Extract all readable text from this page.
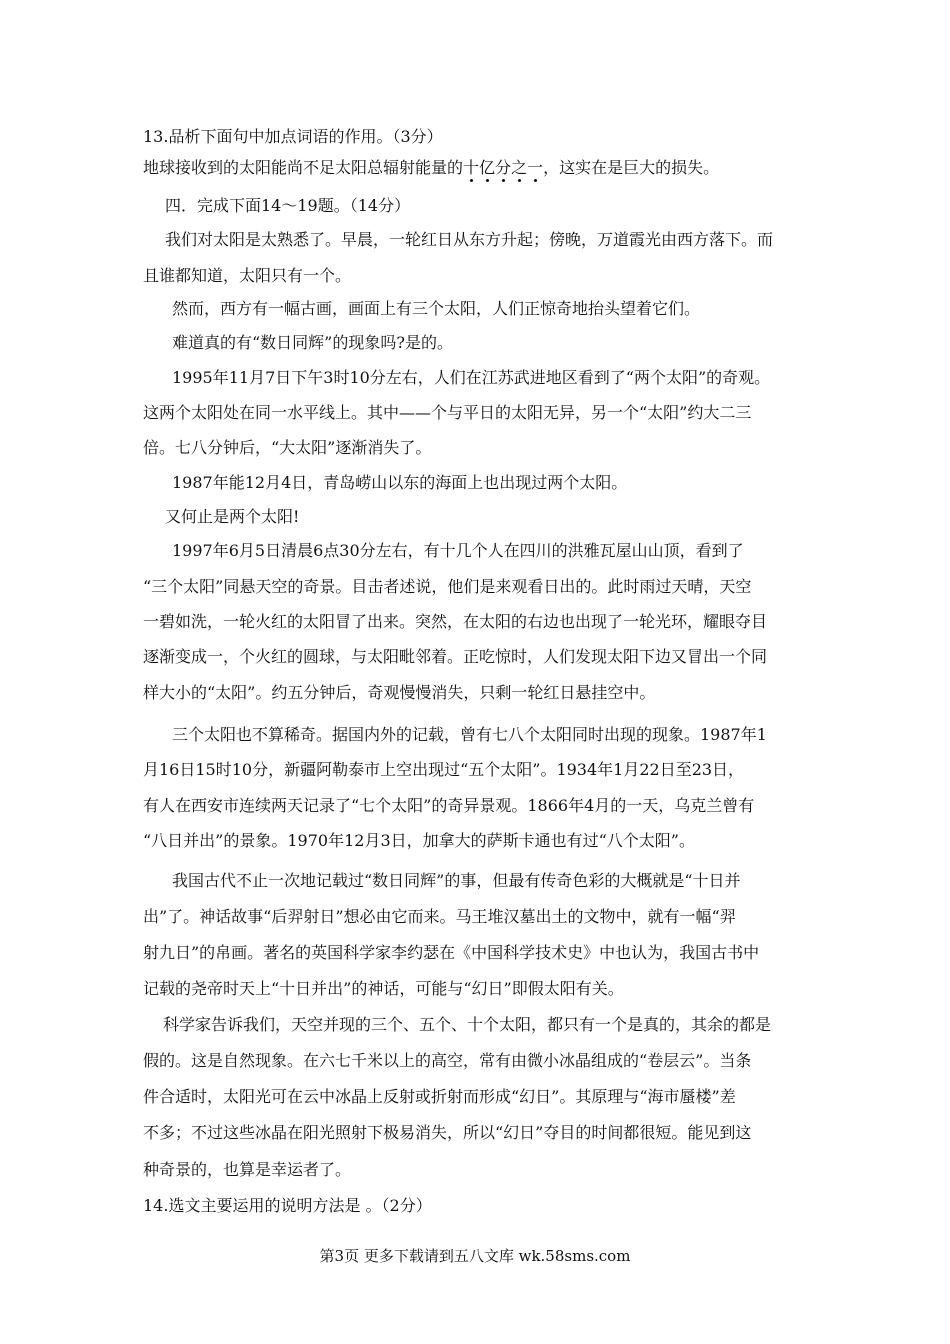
13.品析下面句中加点词语的作用。（3分）
地球接收到的太阳能尚不足太阳总辐射能量的十亿分之一，这实在是巨大的损失。
四．完成下面14～19题。（14分）
我们对太阳是太熟悉了。早晨，一轮红日从东方升起；傍晚，万道霞光由西方落下。而
且谁都知道，太阳只有一个。
然而，西方有一幅古画，画面上有三个太阳，人们正惊奇地抬头望着它们。
难道真的有“数日同辉”的现象吗?是的。
1995年11月7日下午3时10分左右，人们在江苏武进地区看到了“两个太阳”的奇观。
这两个太阳处在同一水平线上。其中——个与平日的太阳无异，另一个“太阳”约大二三
倍。七八分钟后，“大太阳”逐渐消失了。
1987年能12月4日，青岛崂山以东的海面上也出现过两个太阳。
又何止是两个太阳!
1997年6月5日清晨6点30分左右，有十几个人在四川的洪雅瓦屋山山顶，看到了
“三个太阳”同悬天空的奇景。目击者述说，他们是来观看日出的。此时雨过天晴，天空
一碧如洗，一轮火红的太阳冒了出来。突然，在太阳的右边也出现了一轮光环，耀眼夺目
逐渐变成一，个火红的圆球，与太阳毗邻着。正吃惊时，人们发现太阳下边又冒出一个同
样大小的“太阳”。约五分钟后，奇观慢慢消失，只剩一轮红日悬挂空中。
三个太阳也不算稀奇。据国内外的记载，曾有七八个太阳同时出现的现象。1987年1
月16日15时10分，新疆阿勒泰市上空出现过“五个太阳”。1934年1月22日至23日，
有人在西安市连续两天记录了“七个太阳”的奇异景观。1866年4月的一天，乌克兰曾有
“八日并出”的景象。1970年12月3日，加拿大的萨斯卡通也有过“八个太阳”。
我国古代不止一次地记载过“数日同辉”的事，但最有传奇色彩的大概就是“十日并
出”了。神话故事“后羿射日”想必由它而来。马王堆汉墓出土的文物中，就有一幅“羿
射九日”的帛画。著名的英国科学家李约瑟在《中国科学技术史》中也认为，我国古书中
记载的尧帝时天上“十日并出”的神话，可能与“幻日”即假太阳有关。
科学家告诉我们，天空并现的三个、五个、十个太阳，都只有一个是真的，其余的都是
假的。这是自然现象。在六七千米以上的高空，常有由微小冰晶组成的“卷层云”。当条
件合适时，太阳光可在云中冰晶上反射或折射而形成“幻日”。其原理与“海市蜃楼”差
不多；不过这些冰晶在阳光照射下极易消失，所以“幻日”夺目的时间都很短。能见到这
种奇景的，也算是幸运者了。
14.选文主要运用的说明方法是 。（2分）
第3页 更多下载请到五八文库 wk.58sms.com
